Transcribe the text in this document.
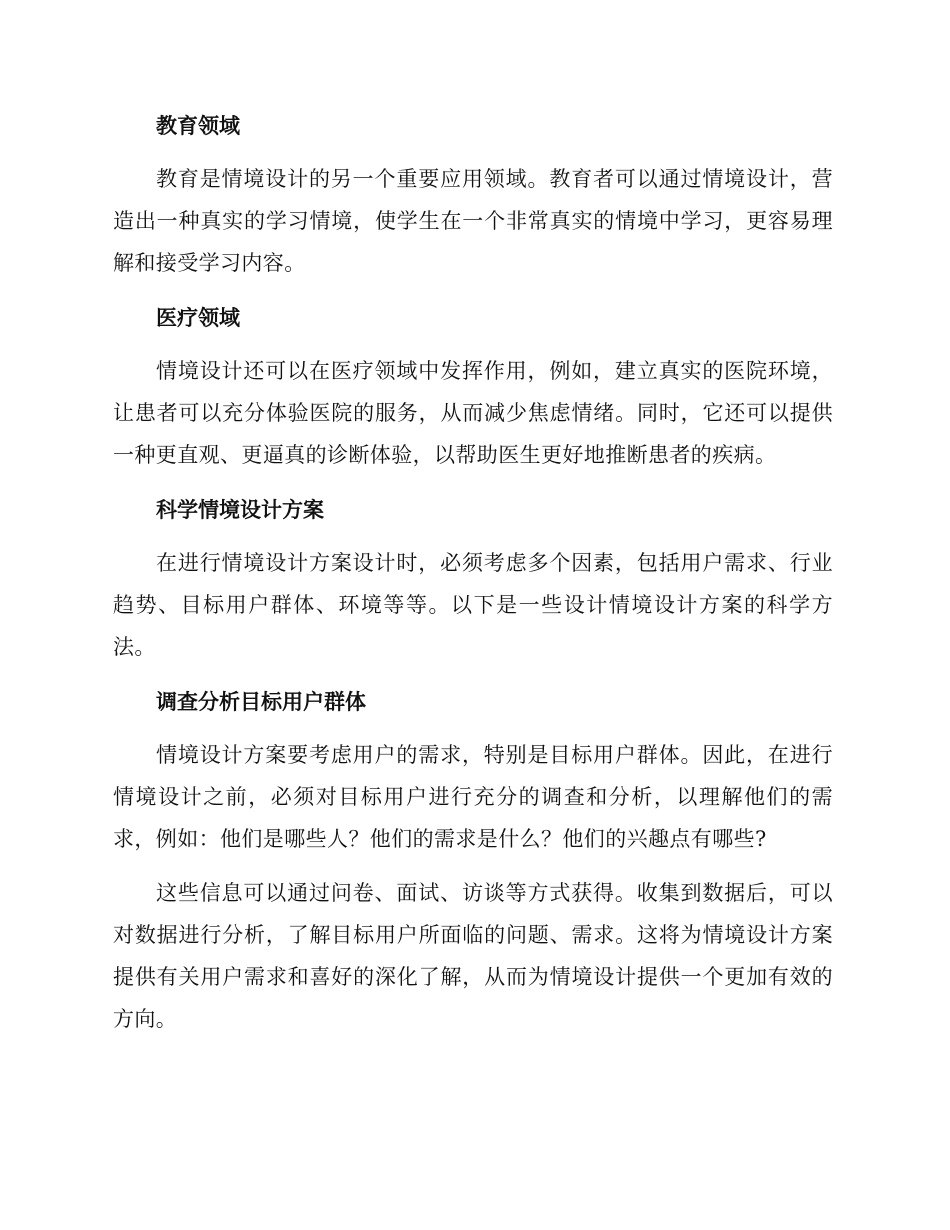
教育领域

教育是情境设计的另一个重要应用领域。教育者可以通过情境设计，营造出一种真实的学习情境，使学生在一个非常真实的情境中学习，更容易理解和接受学习内容。

医疗领域

情境设计还可以在医疗领域中发挥作用，例如，建立真实的医院环境，让患者可以充分体验医院的服务，从而减少焦虑情绪。同时，它还可以提供一种更直观、更逼真的诊断体验，以帮助医生更好地推断患者的疾病。

科学情境设计方案

在进行情境设计方案设计时，必须考虑多个因素，包括用户需求、行业趋势、目标用户群体、环境等等。以下是一些设计情境设计方案的科学方法。

调查分析目标用户群体

情境设计方案要考虑用户的需求，特别是目标用户群体。因此，在进行情境设计之前，必须对目标用户进行充分的调查和分析，以理解他们的需求，例如：他们是哪些人？他们的需求是什么？他们的兴趣点有哪些?

这些信息可以通过问卷、面试、访谈等方式获得。收集到数据后，可以对数据进行分析，了解目标用户所面临的问题、需求。这将为情境设计方案提供有关用户需求和喜好的深化了解，从而为情境设计提供一个更加有效的方向。
